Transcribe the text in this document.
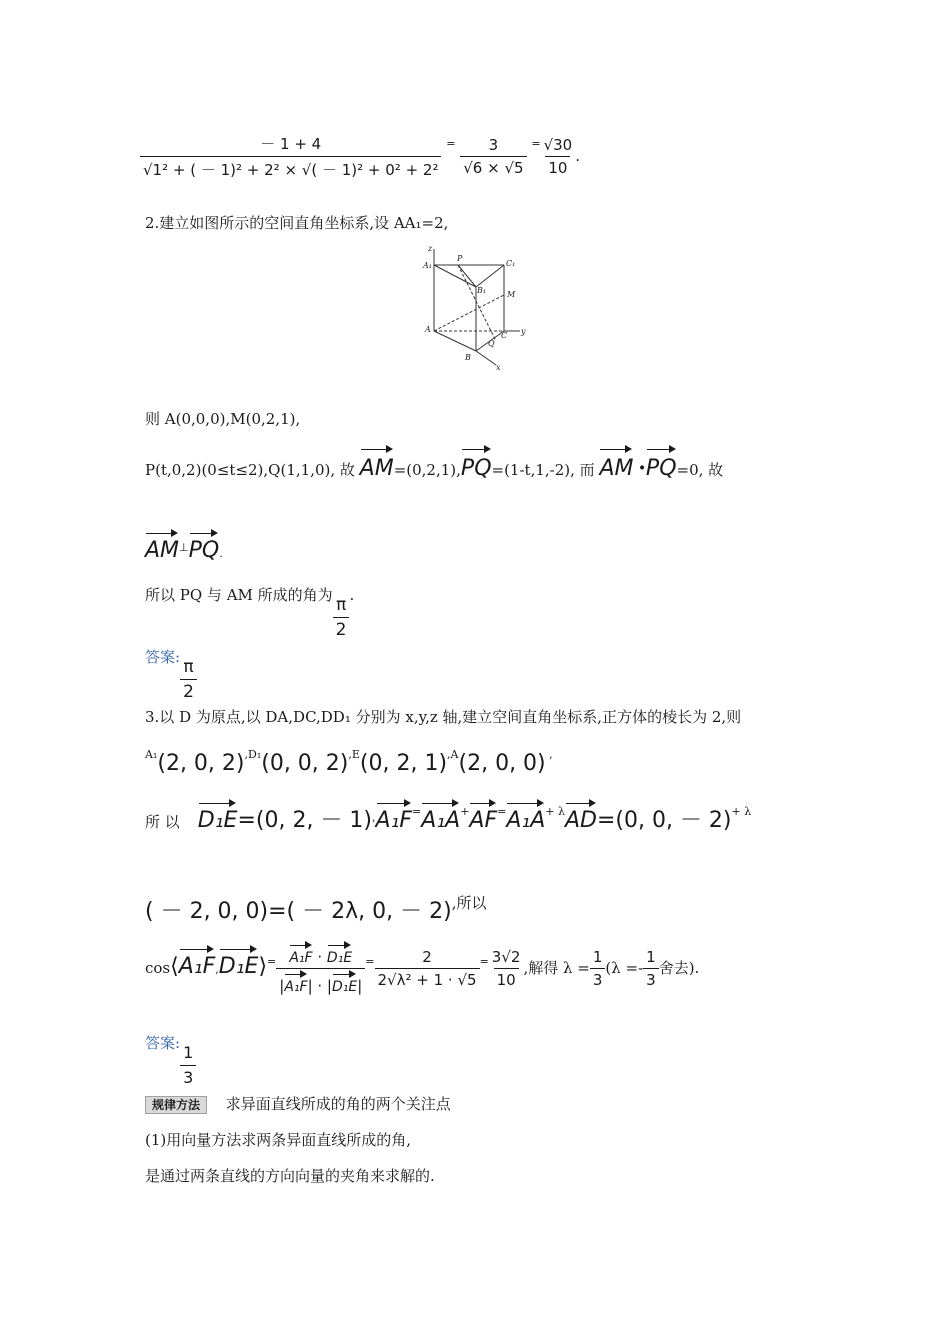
$\frac{- 1 + 4}{\text{√1² + ( － 1)² + 2² × √( － 1)² + 0² + 2²}} ^= \frac{3}{√6 \times √5} ^= \frac{√30}{10}$ .
2.建立如图所示的空间直角坐标系,设 AA₁=2,
z
A₁
P
C₁
B₁	M
A
C y
Q
B
x
则 A(0,0,0),M(0,2,1),
P(t,0,2)(0≤t≤2),Q(1,1,0), 故 AM=(0,2,1),PQ=(1-t,1,-2), 而 AM ·PQ=0, 故
AM⊥PQ.
所以 PQ 与 AM 所成的角为 $\frac{\pi}{2}$ .
答案: $\frac{\pi}{2}$
3.以 D 为原点,以 DA,DC,DD₁ 分别为 x,y,z 轴,建立空间直角坐标系,正方体的棱长为 2,则
$^{A_1}$(2, 0, 2)$^{,D_1}$(0, 0, 2)$^{,E}$(0, 2, 1)$^{,A}$(2, 0, 0) ,
所 以 D₁E=(0, 2, － $1)^,A_1F^=A_1A^+AF^=A_1A^{+ \lambda}AD=(0$, 0, － 2)$^{+ \lambda}$
( － 2, 0, 0)=( － 2λ, 0, － 2),所以
cos⟨A₁F,D₁E⟩= $\frac{\text{A₁F · D₁E}}{\text{|A₁F| · |D₁E|}} ^= \frac{2}{\text{2√λ² + 1 · √5}} ^= \frac{3√2}{10}$ ,解得 $\lambda = \frac{1}{3} (\lambda =- \frac{1}{3}$ 舍去).
答案: $\frac{1}{3}$
规律方法 求异面直线所成的角的两个关注点
(1)用向量方法求两条异面直线所成的角,
是通过两条直线的方向向量的夹角来求解的.
